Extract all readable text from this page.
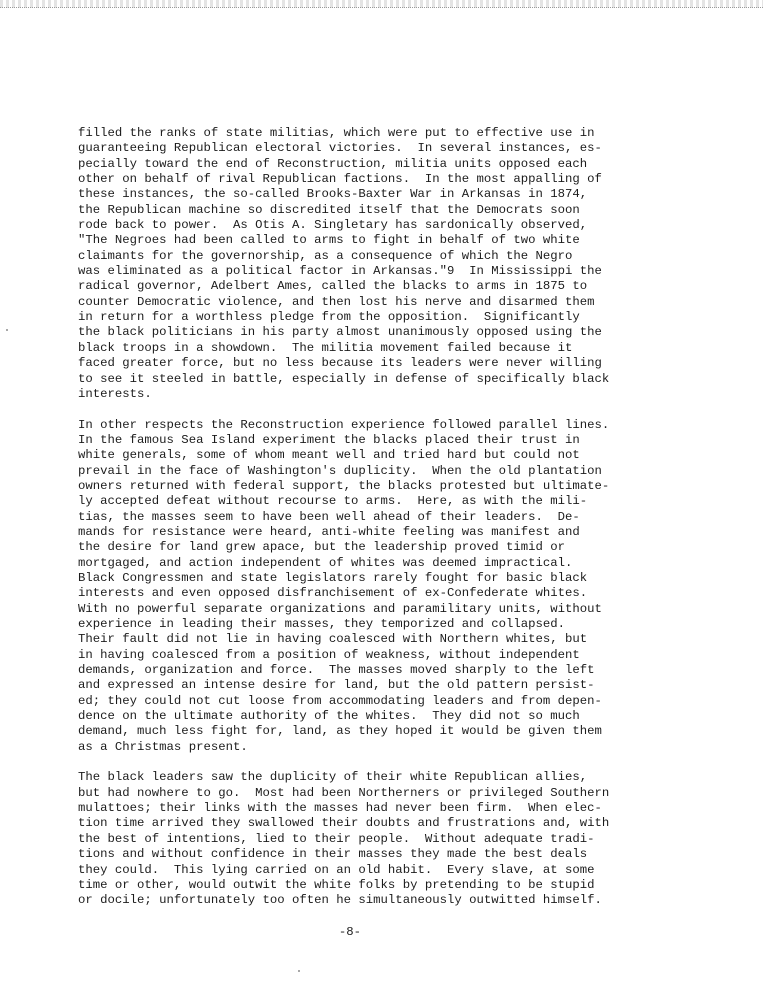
filled the ranks of state militias, which were put to effective use in
guaranteeing Republican electoral victories.  In several instances, es-
pecially toward the end of Reconstruction, militia units opposed each
other on behalf of rival Republican factions.  In the most appalling of
these instances, the so-called Brooks-Baxter War in Arkansas in 1874,
the Republican machine so discredited itself that the Democrats soon
rode back to power.  As Otis A. Singletary has sardonically observed,
"The Negroes had been called to arms to fight in behalf of two white
claimants for the governorship, as a consequence of which the Negro
was eliminated as a political factor in Arkansas."9  In Mississippi the
radical governor, Adelbert Ames, called the blacks to arms in 1875 to
counter Democratic violence, and then lost his nerve and disarmed them
in return for a worthless pledge from the opposition.  Significantly
the black politicians in his party almost unanimously opposed using the
black troops in a showdown.  The militia movement failed because it
faced greater force, but no less because its leaders were never willing
to see it steeled in battle, especially in defense of specifically black
interests.
In other respects the Reconstruction experience followed parallel lines.
In the famous Sea Island experiment the blacks placed their trust in
white generals, some of whom meant well and tried hard but could not
prevail in the face of Washington's duplicity.  When the old plantation
owners returned with federal support, the blacks protested but ultimate-
ly accepted defeat without recourse to arms.  Here, as with the mili-
tias, the masses seem to have been well ahead of their leaders.  De-
mands for resistance were heard, anti-white feeling was manifest and
the desire for land grew apace, but the leadership proved timid or
mortgaged, and action independent of whites was deemed impractical.
Black Congressmen and state legislators rarely fought for basic black
interests and even opposed disfranchisement of ex-Confederate whites.
With no powerful separate organizations and paramilitary units, without
experience in leading their masses, they temporized and collapsed.
Their fault did not lie in having coalesced with Northern whites, but
in having coalesced from a position of weakness, without independent
demands, organization and force.  The masses moved sharply to the left
and expressed an intense desire for land, but the old pattern persist-
ed; they could not cut loose from accommodating leaders and from depen-
dence on the ultimate authority of the whites.  They did not so much
demand, much less fight for, land, as they hoped it would be given them
as a Christmas present.
The black leaders saw the duplicity of their white Republican allies,
but had nowhere to go.  Most had been Northerners or privileged Southern
mulattoes; their links with the masses had never been firm.  When elec-
tion time arrived they swallowed their doubts and frustrations and, with
the best of intentions, lied to their people.  Without adequate tradi-
tions and without confidence in their masses they made the best deals
they could.  This lying carried on an old habit.  Every slave, at some
time or other, would outwit the white folks by pretending to be stupid
or docile; unfortunately too often he simultaneously outwitted himself.
-8-
